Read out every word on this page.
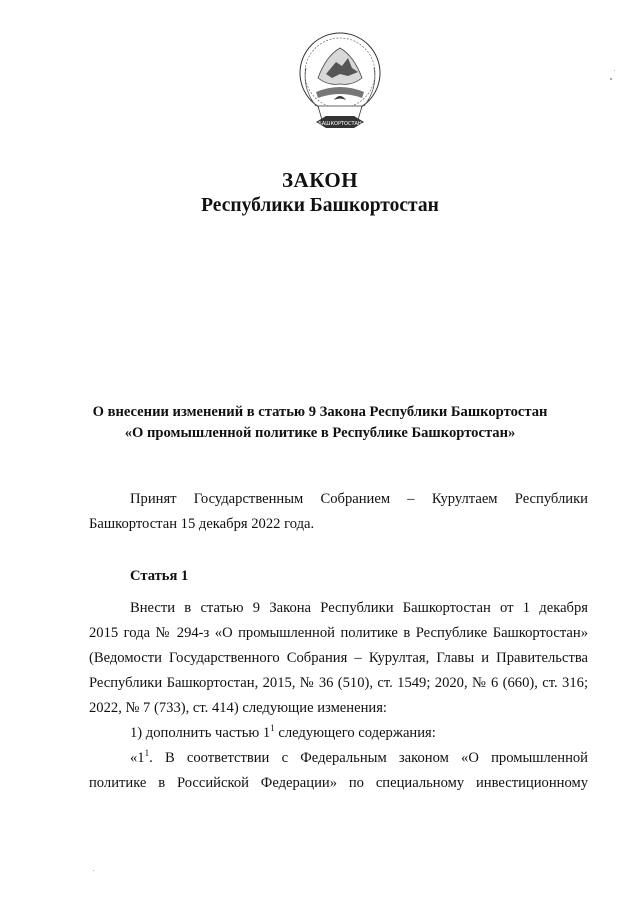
БАШКОРТОСТАН
ЗАКОН
Республики Башкортостан
О внесении изменений в статью 9 Закона Республики Башкортостан
«О промышленной политике в Республике Башкортостан»
Принят Государственным Собранием – Курултаем Республики
Башкортостан 15 декабря 2022 года.
Статья 1
Внести в статью 9 Закона Республики Башкортостан от 1 декабря
2015 года № 294-з «О промышленной политике в Республике Башкортостан»
(Ведомости Государственного Собрания – Курултая, Главы и Правительства
Республики Башкортостан, 2015, № 36 (510), ст. 1549; 2020, № 6 (660), ст. 316;
2022, № 7 (733), ст. 414) следующие изменения:
1) дополнить частью $1^1$ следующего содержания:
«$1^1$. В соответствии с Федеральным законом «О промышленной
политике в Российской Федерации» по специальному инвестиционному
